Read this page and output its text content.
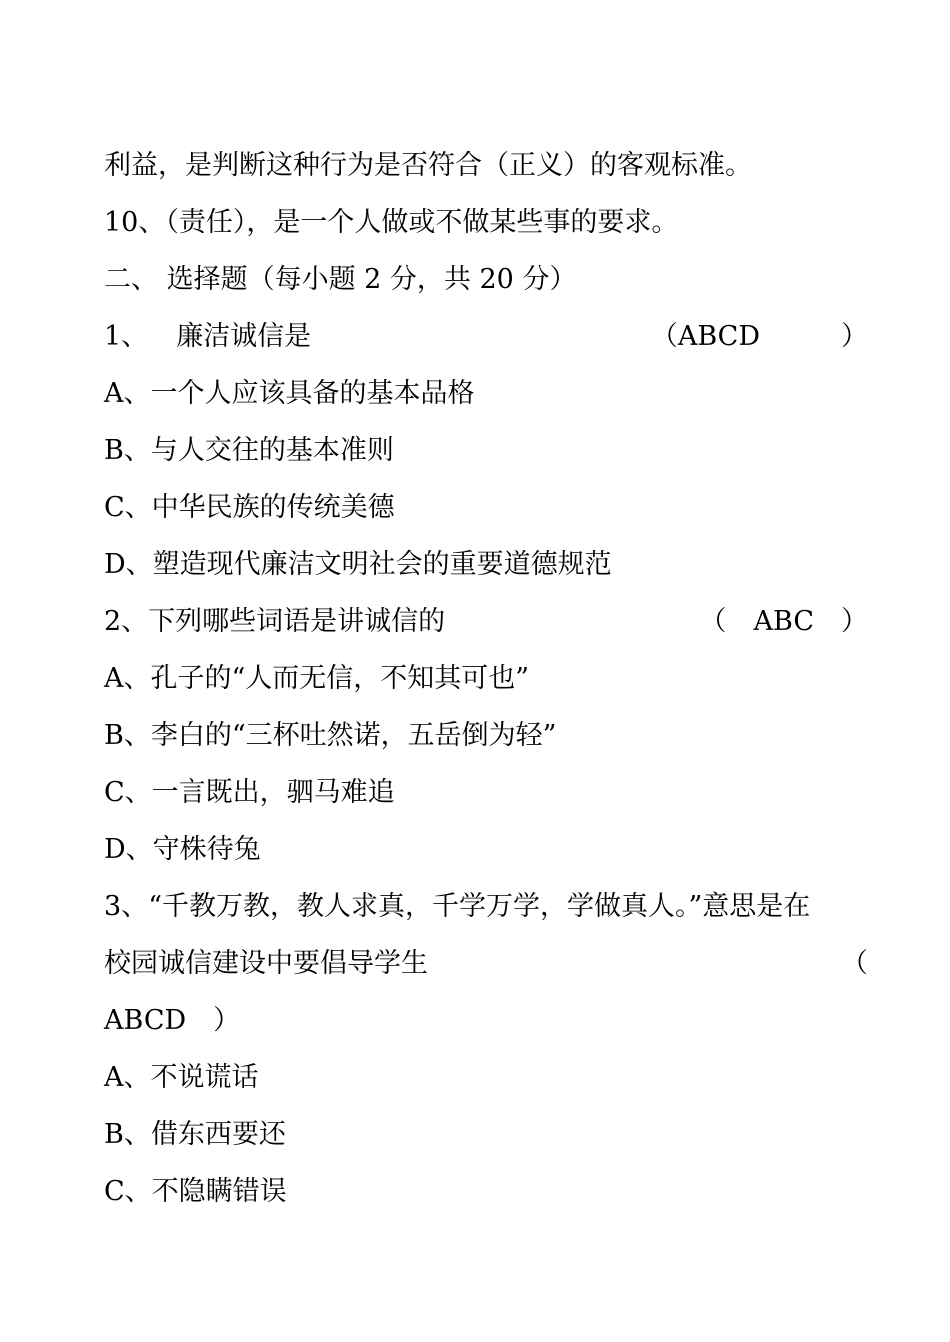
利益，是判断这种行为是否符合（正义）的客观标准。
10、（责任），是一个人做或不做某些事的要求。
二、 选择题（每小题 2 分，共 20 分）
1、 廉洁诚信是	（ABCD　　　）
A、一个人应该具备的基本品格
B、与人交往的基本准则
C、中华民族的传统美德
D、塑造现代廉洁文明社会的重要道德规范
2、下列哪些词语是讲诚信的	（　ABC　）
A、孔子的“人而无信，不知其可也”
B、李白的“三杯吐然诺，五岳倒为轻”
C、一言既出，驷马难追
D、守株待兔
3、“千教万教，教人求真，千学万学，学做真人。”意思是在
校园诚信建设中要倡导学生	（
ABCD　）
A、不说谎话
B、借东西要还
C、不隐瞒错误
